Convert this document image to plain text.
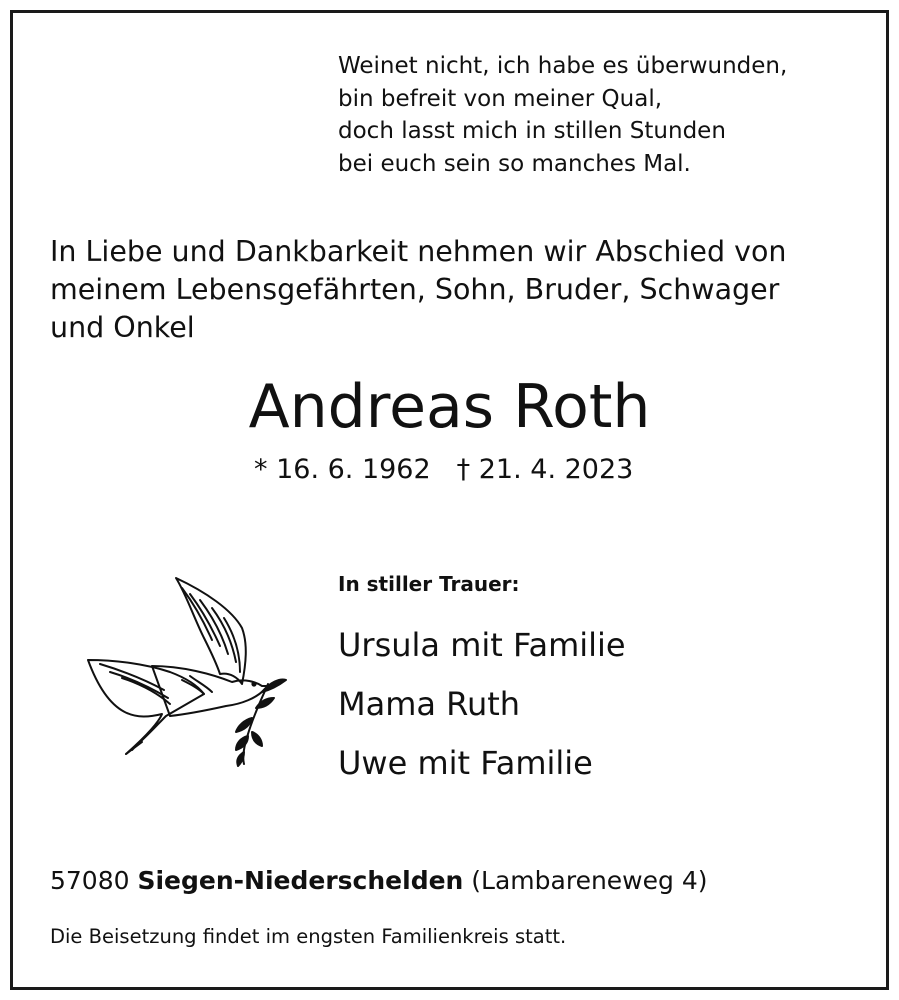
Weinet nicht, ich habe es überwunden,
bin befreit von meiner Qual,
doch lasst mich in stillen Stunden
bei euch sein so manches Mal.
In Liebe und Dankbarkeit nehmen wir Abschied von
meinem Lebensgefährten, Sohn, Bruder, Schwager
und Onkel
Andreas Roth
* 16. 6. 1962 † 21. 4. 2023
In stiller Trauer:
Ursula mit Familie
Mama Ruth
Uwe mit Familie
57080 Siegen-Niederschelden (Lambareneweg 4)
Die Beisetzung findet im engsten Familienkreis statt.
